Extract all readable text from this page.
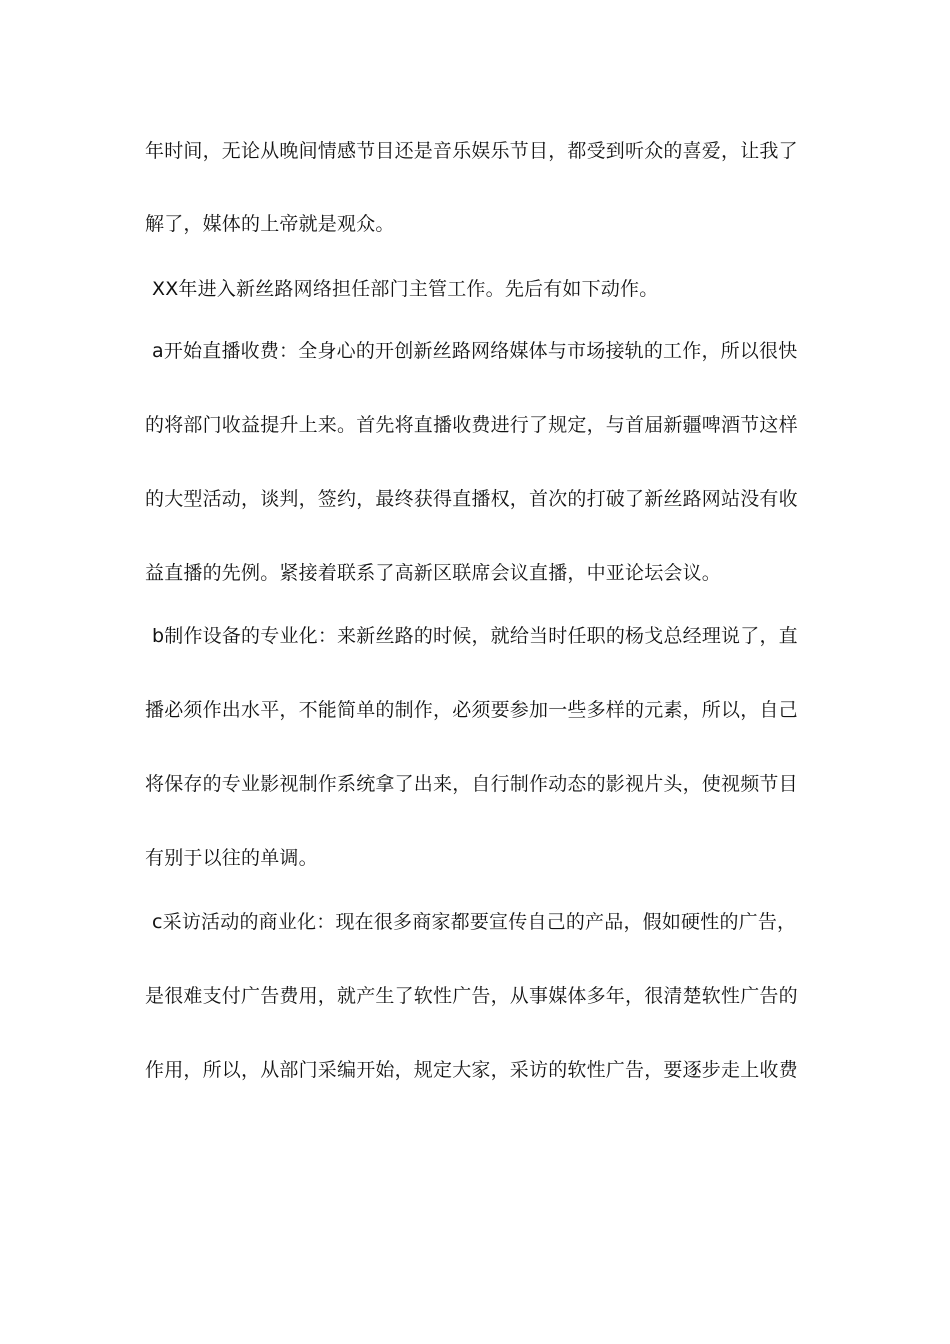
年时间，无论从晚间情感节目还是音乐娱乐节目，都受到听众的喜爱，让我了
解了，媒体的上帝就是观众。
XX年进入新丝路网络担任部门主管工作。先后有如下动作。
a开始直播收费：全身心的开创新丝路网络媒体与市场接轨的工作，所以很快
的将部门收益提升上来。首先将直播收费进行了规定，与首届新疆啤酒节这样
的大型活动，谈判，签约，最终获得直播权，首次的打破了新丝路网站没有收
益直播的先例。紧接着联系了高新区联席会议直播，中亚论坛会议。
b制作设备的专业化：来新丝路的时候，就给当时任职的杨戈总经理说了，直
播必须作出水平，不能简单的制作，必须要参加一些多样的元素，所以，自己
将保存的专业影视制作系统拿了出来，自行制作动态的影视片头，使视频节目
有别于以往的单调。
c采访活动的商业化：现在很多商家都要宣传自己的产品，假如硬性的广告，
是很难支付广告费用，就产生了软性广告，从事媒体多年，很清楚软性广告的
作用，所以，从部门采编开始，规定大家，采访的软性广告，要逐步走上收费
